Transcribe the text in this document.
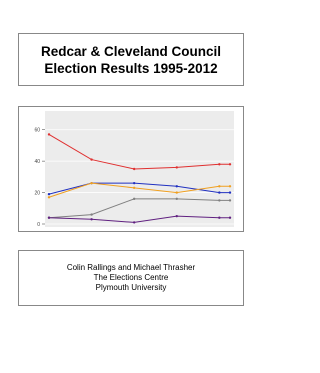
Redcar & Cleveland Council
Election Results 1995-2012
0
20
40
60
Colin Rallings and Michael Thrasher
The Elections Centre
Plymouth University
